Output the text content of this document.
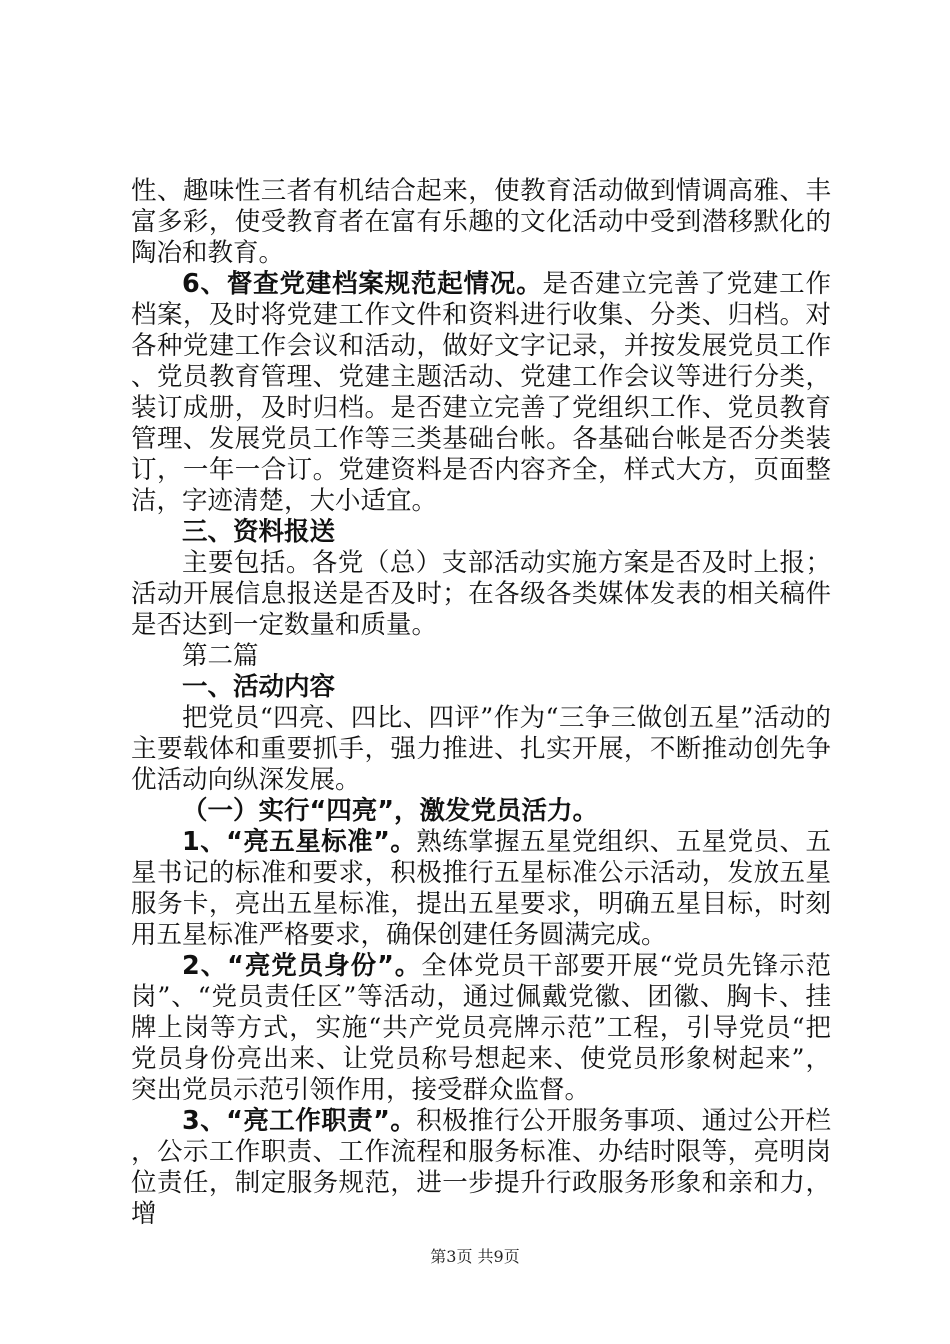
性、趣味性三者有机结合起来，使教育活动做到情调高雅、丰富多彩，使受教育者在富有乐趣的文化活动中受到潜移默化的陶冶和教育。

6、督查党建档案规范起情况。是否建立完善了党建工作档案，及时将党建工作文件和资料进行收集、分类、归档。对各种党建工作会议和活动，做好文字记录，并按发展党员工作、党员教育管理、党建主题活动、党建工作会议等进行分类，装订成册，及时归档。是否建立完善了党组织工作、党员教育管理、发展党员工作等三类基础台帐。各基础台帐是否分类装订，一年一合订。党建资料是否内容齐全，样式大方，页面整洁，字迹清楚，大小适宜。

三、资料报送

主要包括。各党（总）支部活动实施方案是否及时上报；活动开展信息报送是否及时；在各级各类媒体发表的相关稿件是否达到一定数量和质量。

第二篇

一、活动内容

把党员“四亮、四比、四评”作为“三争三做创五星”活动的主要载体和重要抓手，强力推进、扎实开展，不断推动创先争优活动向纵深发展。

（一）实行“四亮”，激发党员活力。

1、“亮五星标准”。熟练掌握五星党组织、五星党员、五星书记的标准和要求，积极推行五星标准公示活动，发放五星服务卡，亮出五星标准，提出五星要求，明确五星目标，时刻用五星标准严格要求，确保创建任务圆满完成。

2、“亮党员身份”。全体党员干部要开展“党员先锋示范岗”、“党员责任区”等活动，通过佩戴党徽、团徽、胸卡、挂牌上岗等方式，实施“共产党员亮牌示范”工程，引导党员“把党员身份亮出来、让党员称号想起来、使党员形象树起来”，突出党员示范引领作用，接受群众监督。

3、“亮工作职责”。积极推行公开服务事项、通过公开栏，公示工作职责、工作流程和服务标准、办结时限等，亮明岗位责任，制定服务规范，进一步提升行政服务形象和亲和力，增

第3页 共9页
